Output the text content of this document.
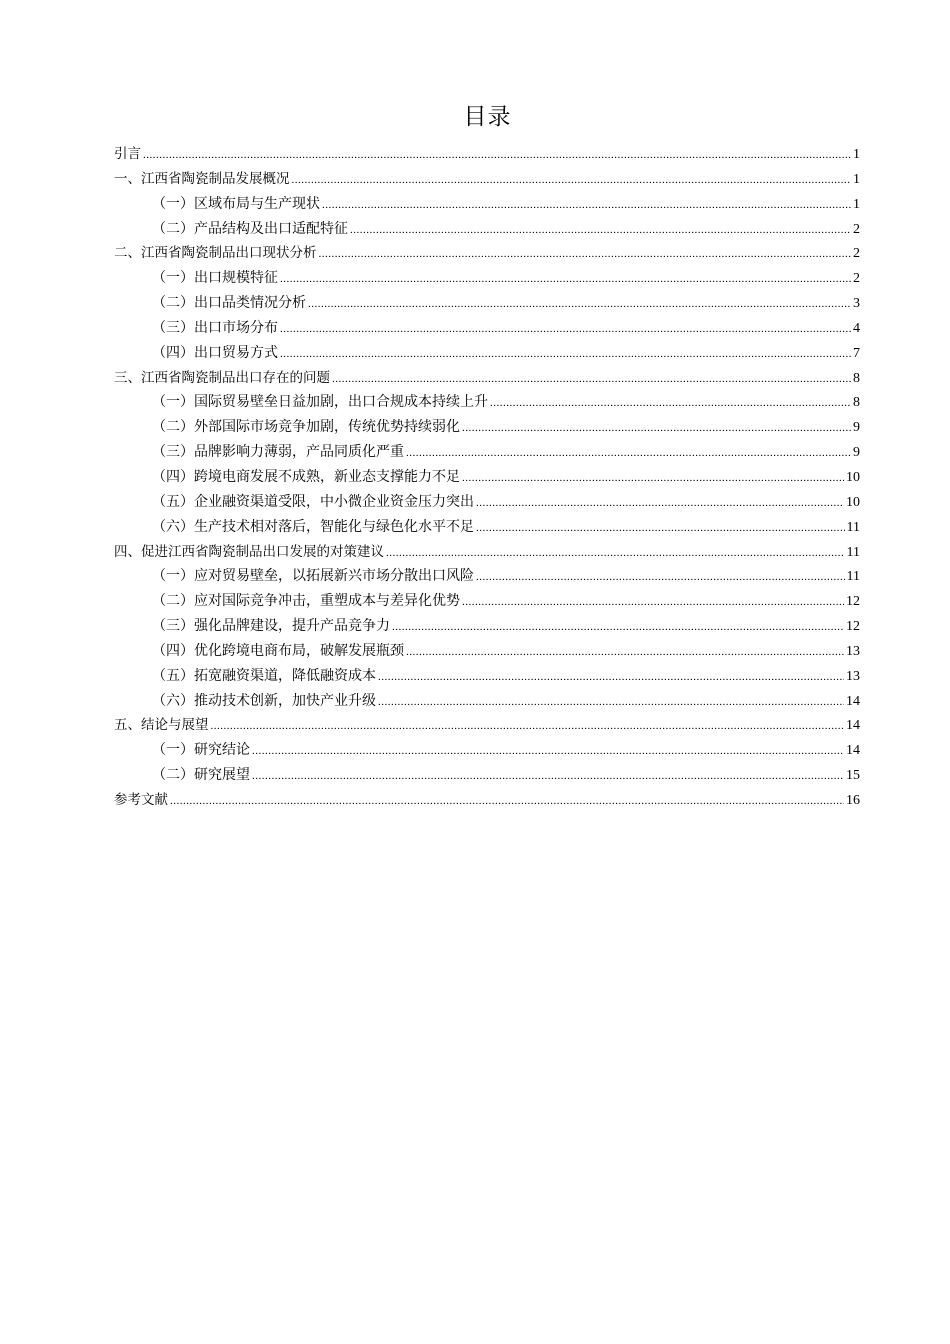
目录
引言 .....	1
一、江西省陶瓷制品发展概况 .....	1
（一）区域布局与生产现状 .....	1
（二）产品结构及出口适配特征 .....	2
二、江西省陶瓷制品出口现状分析 .....	2
（一）出口规模特征 .....	2
（二）出口品类情况分析 .....	3
（三）出口市场分布 .....	4
（四）出口贸易方式 .....	7
三、江西省陶瓷制品出口存在的问题 .....	8
（一）国际贸易壁垒日益加剧，出口合规成本持续上升 .....	8
（二）外部国际市场竞争加剧，传统优势持续弱化 .....	9
（三）品牌影响力薄弱，产品同质化严重 .....	9
（四）跨境电商发展不成熟，新业态支撑能力不足 .....	10
（五）企业融资渠道受限，中小微企业资金压力突出 .....	10
（六）生产技术相对落后，智能化与绿色化水平不足 .....	11
四、促进江西省陶瓷制品出口发展的对策建议 .....	11
（一）应对贸易壁垒，以拓展新兴市场分散出口风险 .....	11
（二）应对国际竞争冲击，重塑成本与差异化优势 .....	12
（三）强化品牌建设，提升产品竞争力 .....	12
（四）优化跨境电商布局，破解发展瓶颈 .....	13
（五）拓宽融资渠道，降低融资成本 .....	13
（六）推动技术创新，加快产业升级 .....	14
五、结论与展望 .....	14
（一）研究结论 .....	14
（二）研究展望 .....	15
参考文献 .....	16
